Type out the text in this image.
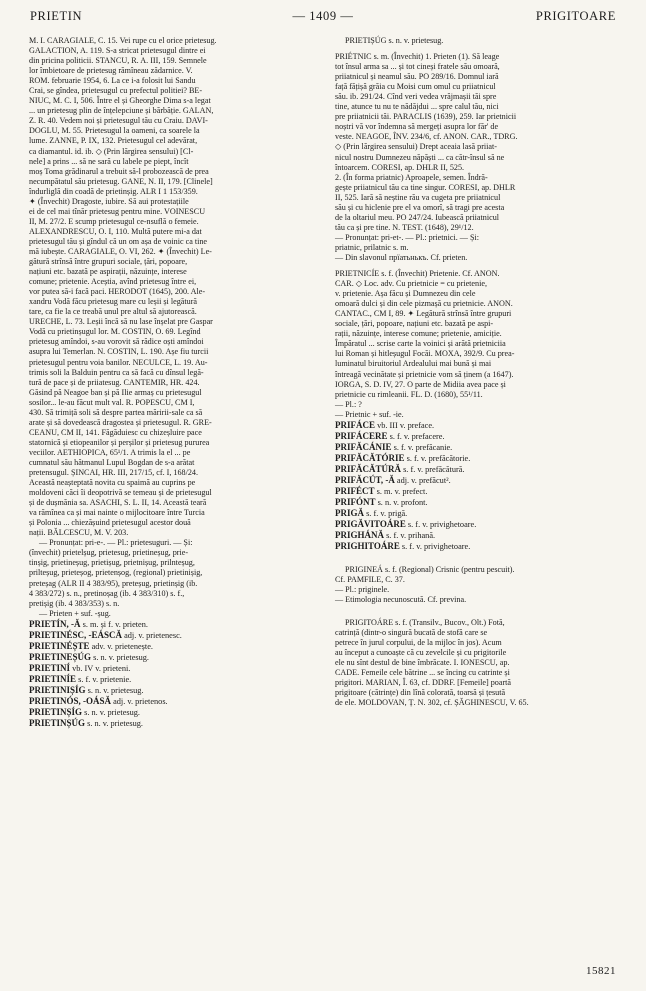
PRIETIN	— 1409 —	PRIGITOARE

M. I. CARAGIALE, C. 15. Vei rupe cu el orice prietesug.

GALACTION, A. 119. S-a stricat prietesugul dintre ei

din pricina politicii. STANCU, R. A. III, 159. Semnele

lor îmbietoare de prietesug rămîneau zădarnice. V.

ROM. februarie 1954, 6. La ce i-a folosit lui Sandu

Crai, se gîndea, prietesugul cu prefectul politiei? BE-

NIUC, M. C. I, 506. Între el și Gheorghe Dima s-a legat

... un prietesug plin de înțelepciune și bărbăție. GALAN,

Z. R. 40. Vedem noi și prietesugul tău cu Craiu. DAVI-

DOGLU, M. 55. Prietesugul la oameni, ca soarele la

lume. ZANNE, P. IX, 132. Prietesugul cel adevărat,

ca diamantul. id. ib. ◇ (Prin lărgirea sensului) [Cl-

nele] a prins ... să ne sară cu labele pe piept, încît

moș Toma grădinarul a trebuit să-l probozească de prea

necumpătatul său prietesug. GANE, N. II, 179. [Clinele]

îndurliglă din coadă de prietinșig. ALR I 1 153/359.

✦ (Învechit) Dragoste, iubire. Să aui protestațiile

ei de cel mai tînăr prietesug pentru mine. VOINESCU

II, M. 27/2. E scump prietesugul ce-nsuflă o femeie.

ALEXANDRESCU, O. I, 110. Multă putere mi-a dat

prietesugul tău și gîndul că un om așa de voinic ca tine

mă iubește. CARAGIALE, O. VI, 262. ✦ (Învechit) Le-

gătură strînsă între grupuri sociale, țări, popoare,

națiuni etc. bazată pe aspirații, năzuințe, interese

comune; prietenie. Aceștia, avînd prietesug între ei,

vor putea să-i facă paci. HERODOT (1645), 200. Ale-

xandru Vodă făcu prietesug mare cu leșii și legătură

tare, ca fie la ce treabă unul pre altul să ajutorească.

URECHE, L. 73. Leșii încă să nu lase înșelat pre Gaspar

Vodă cu prietinșugul lor. M. COSTIN, O. 69. Legînd

prietesug amîndoi, s-au vorovit să rădice oști amîndoi

asupra lui Temerlan. N. COSTIN, L. 190. Așe fiu turcii

prietesugul pentru voia banilor. NECULCE, L. 19. Au-

trimis soli la Balduin pentru ca să facă cu dînsul legă-

tură de pace și de priiatesug. CANTEMIR, HR. 424.

Găsind pă Neagoe ban și pă Ilie armaș cu prietesugul

sosilor... le-au făcut mult val. R. POPESCU, CM I,

430. Să trimiță soli să despre partea măririi-sale ca să

arate și să dovedească dragostea și prietesugul. R. GRE-

CEANU, CM II, 141. Făgăduiesc cu chizeșluire pace

statornică și etiopeanilor și perșilor și prietesug purureа

veciilor. AETHIOPICA, 65¹/1. A trimis la el ... pe

cumnatul său hătmanul Lupul Bogdan de s-a arătat

pretensugul. ȘINCAI, HR. III, 217/15, cf. I, 168/24.

Această neașteptată novita cu spaimă au cuprins pe

moldoveni căci îi deopotrivă se temeau și de prietesugul

și de dușmănia sa. ASACHI, S. L. II, 14. Această teară

va rămînea ca și mai nainte o mijlocitoare între Turcia

și Polonia ... chiezășuind prietesugul acestor două

nații. BĂLCESCU, M. V. 203.

— Pronunțat: pri-e-. — Pl.: prietesuguri. — Și:

(învechit) prietelșug, prietesug, prietineșug, prie-

tinșig, prietineșug, prietișug, prietnișug, prilnteșug,

prilteșug, prieteșog, prietenșog, (regional) prietinișig,

preteșag (ALR II 4 383/95), preteșug, prietinșig (ib.

4 383/272) s. n., pretinoșag (ib. 4 383/310) s. f.,

pretișig (ib. 4 383/353) s. n.

— Prieten + suf. -șug.

PRIETÍN, -Ă s. m. și f. v. prieten.

PRIETINÉSC, -EÁSCĂ adj. v. prietenesc.

PRIETINÉȘTE adv. v. prietenește.

PRIETINEȘÚG s. n. v. prietesug.

PRIETINÍ vb. IV v. prieteni.

PRIETINÍE s. f. v. prietenie.

PRIETINIȘÍG s. n. v. prietesug.

PRIETINÓS, -OÁSĂ adj. v. prietenos.

PRIETINȘÍG s. n. v. prietesug.

PRIETINȘÚG s. n. v. prietesug.

PRIETIȘÚG s. n. v. prietesug.

PRIÉTNIC s. m. (Învechit) 1. Prieten (1). Să leage

tot însul arma sa ... și tot cineși fratele său omoară,

priiatnicul și neamul său. PO 289/16. Domnul iară

față fățișă grăia cu Moisi cum omul cu priiatnicul

său. ib. 291/24. Cînd veri vedea vrăjmașii tăi spre

tine, atunce tu nu te nădăjdui ... spre calul tău, nici

pre priiatnicii tăi. PARACLIS (1639), 259. Iar prietnicii

noștri vă vor îndemna să mergeți asupra lor făr' de

veste. NEAGOE, ÎNV. 234/6, cf. ANON. CAR., TDRG.

◇ (Prin lărgirea sensului) Drept aceaia lasă priiat-

nicul nostru Dumnezeu năpăști ... ca cătr-însul să ne

întoarcem. CORESI, ap. DHLR II, 525.

2. (În forma priatnic) Aproapele, semen. Îndră-

gește priiatnicul tău ca tine singur. CORESI, ap. DHLR

II, 525. Iară să neștine rău va cugeta pre priiatnicul

său și cu hiclenie pre el va omorî, să tragi pre acesta

de la oltariul meu. PO 247/24. Iubească priiatnicul

tău ca și pre tine. N. TEST. (1648), 29¹/12.

— Pronunțat: pri-et-. — Pl.: prietnici. — Și:

priatnic, prilatnic s. m.

— Din slavonul прïатьнькъ. Cf. prieten.

PRIETNICÍE s. f. (Învechit) Prietenie. Cf. ANON.

CAR. ◇ Loc. adv. Cu prietnicie = cu prietenie,

v. prietenie. Așa făcu și Dumnezeu din cele

omoară dulci și din cele pizmașă cu prietnicie. ANON.

CANTAC., CM I, 89. ✦ Legătură strînsă între grupuri

sociale, țări, popoare, națiuni etc. bazată pe aspi-

rații, năzuințe, interese comune; prietenie, amiciție.

Împăratul ... scrise carte la voinici și arătă prietniciia

lui Roman și hitleșugul Focăi. MOXA, 392/9. Cu prea-

luminatul biruitoriul Ardealului mai bună și mai

întreagă vecinătate și prietnicie vom să ținem (a 1647).

IORGA, S. D. IV, 27. O parte de Midiia avea pace și

prietnicie cu rimleanii. FL. D. (1680), 55¹/11.

— Pl.: ?

— Prietnic + suf. -ie.

PRIFÁCE vb. III v. preface.

PRIFÁCERE s. f. v. prefacere.

PRIFĂCÁNIE s. f. v. prefăcanie.

PRIFĂCĂTÓRIE s. f. v. prefăcătorie.

PRIFĂCĂTÚRĂ s. f. v. prefăcătură.

PRIFĂCÚT, -Ă adj. v. prefăcut².

PRIFÉCT s. m. v. prefect.

PRIFÓNT s. n. v. profont.

PRIGĂ s. f. v. prigă.

PRIGĂVITOÁRE s. f. v. privighetoare.

PRIGHÁNĂ s. f. v. prihană.

PRIGHITOÁRE s. f. v. privighetoare.

PRIGINEÁ s. f. (Regional) Crisnic (pentru pescuit).

Cf. PAMFILE, C. 37.

— Pl.: priginele.

— Etimologia necunoscută. Cf. previnа.

PRIGITOÁRE s. f. (Transilv., Bucov., Olt.) Fotă,

catrință (dintr-o singură bucată de stofă care se

petrece în jurul corpului, de la mijloc în jos). Acum

au început a cunoaște că cu zevelcile și cu prigitorile

ele nu sînt destul de bine îmbrăcate. I. IONESCU, ap.

CADE. Femeile cele bătrine ... se încing cu catrinte și

prigitori. MARIAN, Î. 63, cf. DDRF. [Femeile] poartă

prigitoare (cătrințe) din lînă colorată, toarsă și țesută

de ele. MOLDOVAN, Ț. N. 302, cf. ȘĂGHINESCU, V. 65.

15821
